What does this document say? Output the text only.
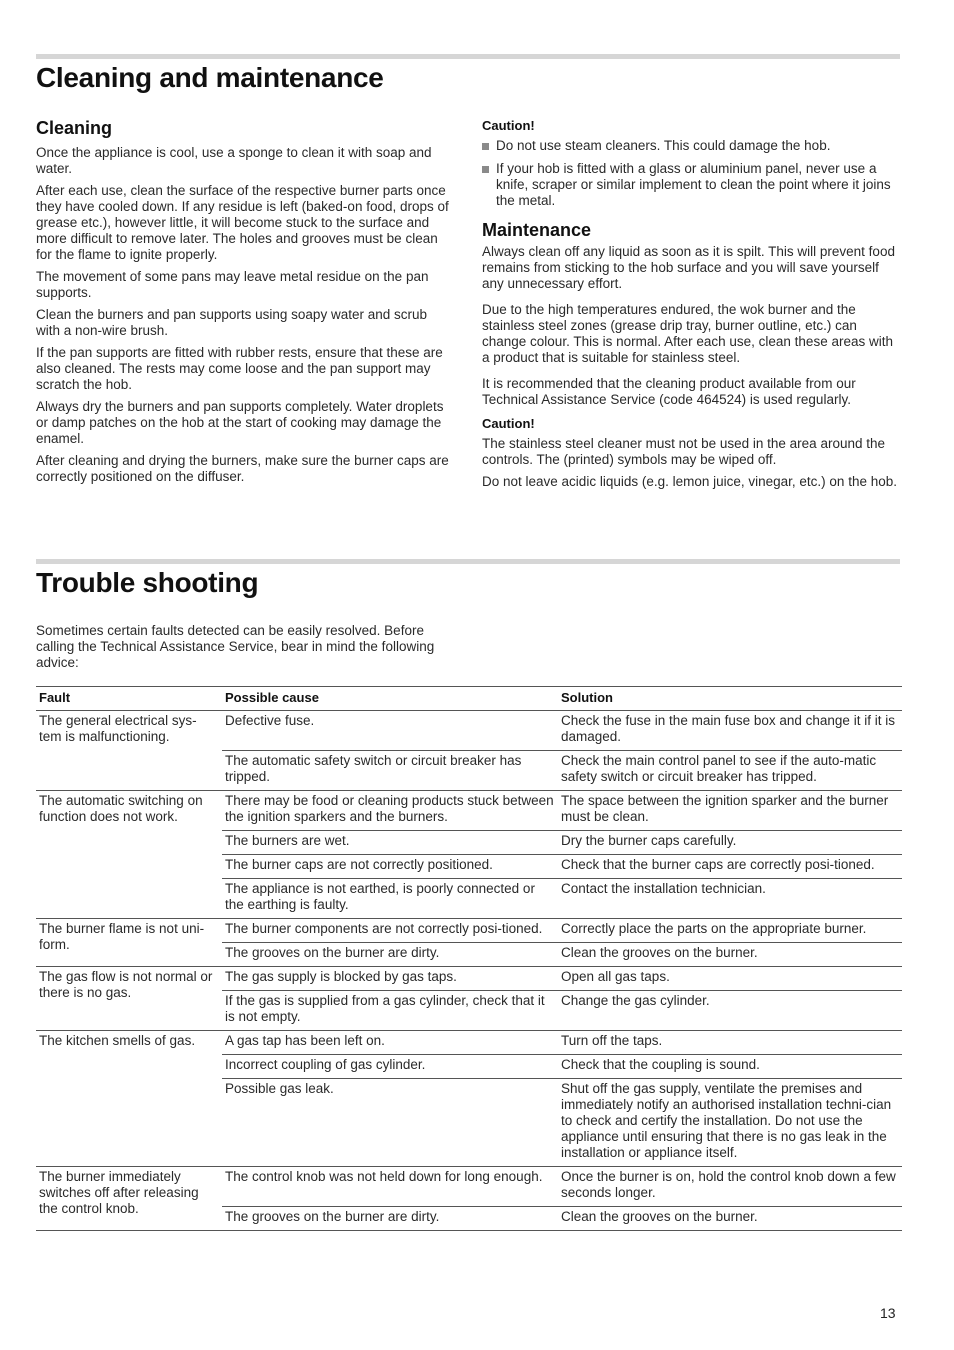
Cleaning and maintenance
Cleaning

Once the appliance is cool, use a sponge to clean it with soap and water.

After each use, clean the surface of the respective burner parts once they have cooled down. If any residue is left (baked-on food, drops of grease etc.), however little, it will become stuck to the surface and more difficult to remove later. The holes and grooves must be clean for the flame to ignite properly.

The movement of some pans may leave metal residue on the pan supports.

Clean the burners and pan supports using soapy water and scrub with a non-wire brush.

If the pan supports are fitted with rubber rests, ensure that these are also cleaned. The rests may come loose and the pan support may scratch the hob.

Always dry the burners and pan supports completely. Water droplets or damp patches on the hob at the start of cooking may damage the enamel.

After cleaning and drying the burners, make sure the burner caps are correctly positioned on the diffuser.

Caution!

Do not use steam cleaners. This could damage the hob.
If your hob is fitted with a glass or aluminium panel, never use a knife, scraper or similar implement to clean the point where it joins the metal.
Maintenance

Always clean off any liquid as soon as it is spilt. This will prevent food remains from sticking to the hob surface and you will save yourself any unnecessary effort.

Due to the high temperatures endured, the wok burner and the stainless steel zones (grease drip tray, burner outline, etc.) can change colour. This is normal. After each use, clean these areas with a product that is suitable for stainless steel.

It is recommended that the cleaning product available from our Technical Assistance Service (code 464524) is used regularly.

Caution!

The stainless steel cleaner must not be used in the area around the controls. The (printed) symbols may be wiped off.

Do not leave acidic liquids (e.g. lemon juice, vinegar, etc.) on the hob.

Trouble shooting

Sometimes certain faults detected can be easily resolved. Before calling the Technical Assistance Service, bear in mind the following advice:

Fault	Possible cause	Solution
The general electrical sys-tem is malfunctioning.	Defective fuse.	Check the fuse in the main fuse box and change it if it is damaged.
	The automatic safety switch or circuit breaker has tripped.	Check the main control panel to see if the auto-matic safety switch or circuit breaker has tripped.
The automatic switching on function does not work.	There may be food or cleaning products stuck between the ignition sparkers and the burners.	The space between the ignition sparker and the burner must be clean.
	The burners are wet.	Dry the burner caps carefully.
	The burner caps are not correctly positioned.	Check that the burner caps are correctly posi-tioned.
	The appliance is not earthed, is poorly connected or the earthing is faulty.	Contact the installation technician.
The burner flame is not uni-form.	The burner components are not correctly posi-tioned.	Correctly place the parts on the appropriate burner.
	The grooves on the burner are dirty.	Clean the grooves on the burner.
The gas flow is not normal or there is no gas.	The gas supply is blocked by gas taps.	Open all gas taps.
	If the gas is supplied from a gas cylinder, check that it is not empty.	Change the gas cylinder.
The kitchen smells of gas.	A gas tap has been left on.	Turn off the taps.
	Incorrect coupling of gas cylinder.	Check that the coupling is sound.
	Possible gas leak.	Shut off the gas supply, ventilate the premises and immediately notify an authorised installation techni-cian to check and certify the installation. Do not use the appliance until ensuring that there is no gas leak in the installation or appliance itself.
The burner immediately switches off after releasing the control knob.	The control knob was not held down for long enough.	Once the burner is on, hold the control knob down a few seconds longer.
	The grooves on the burner are dirty.	Clean the grooves on the burner.
13
